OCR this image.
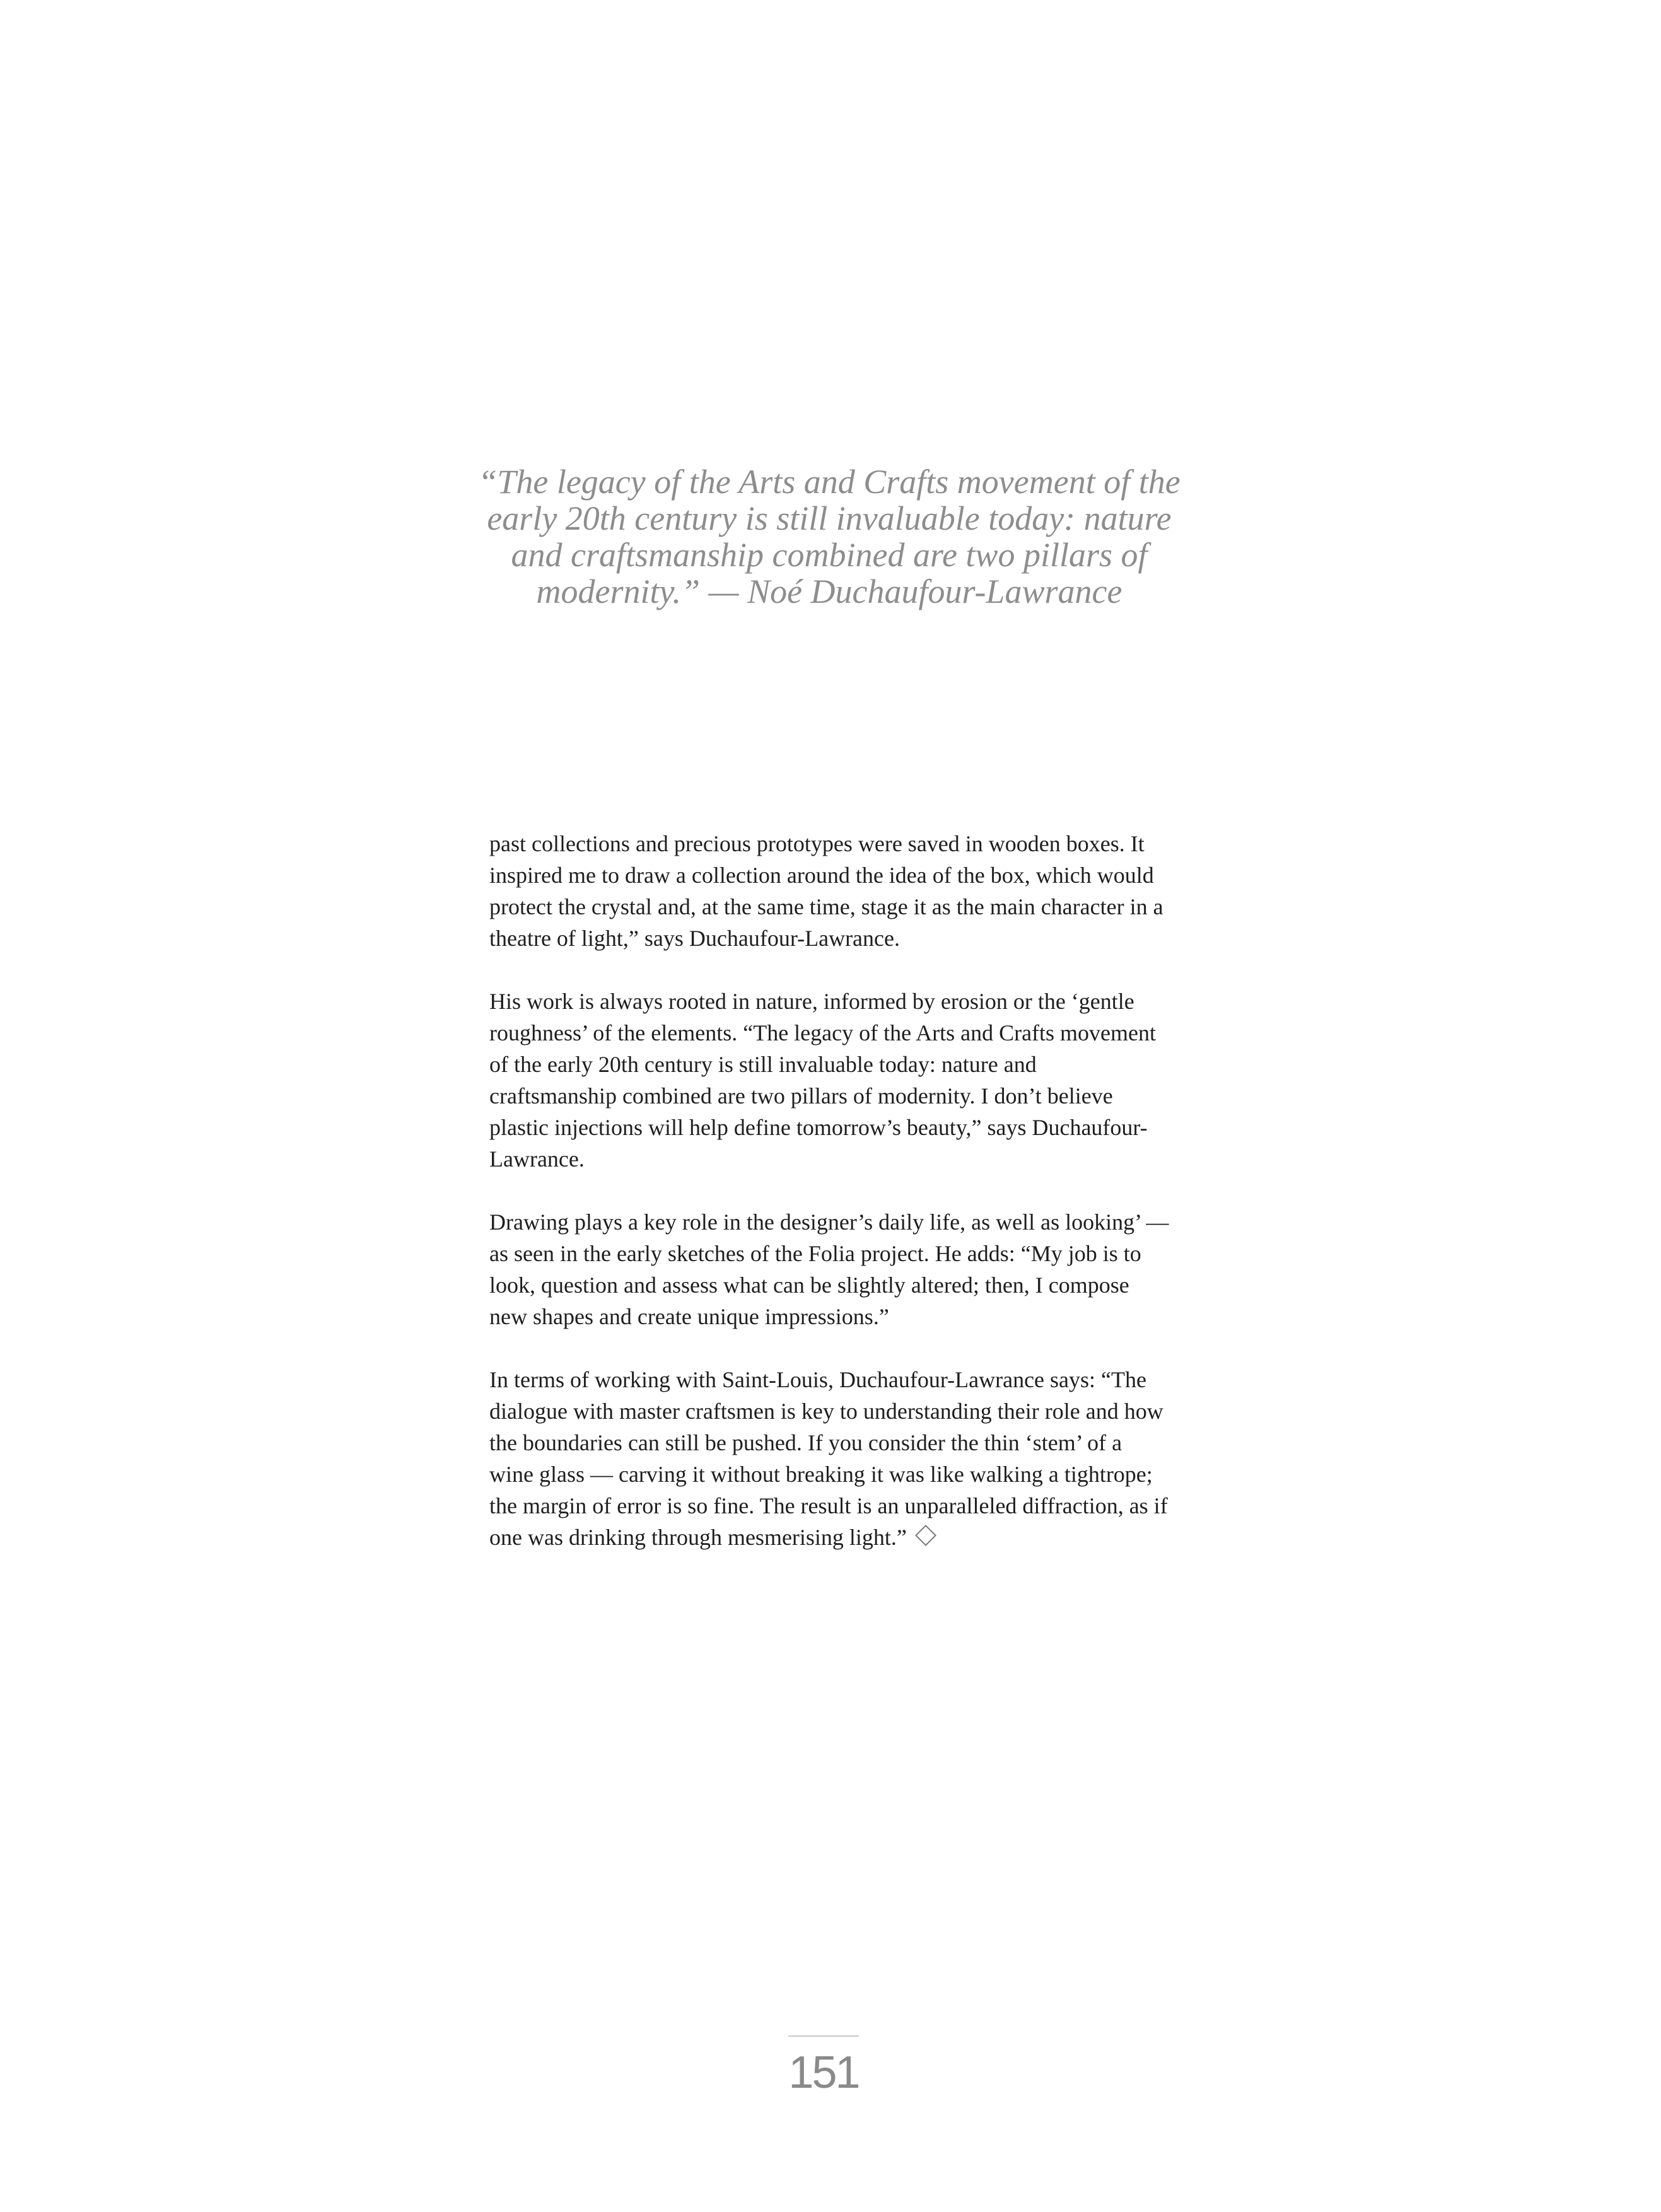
“The legacy of the Arts and Crafts movement of the
early 20th century is still invaluable today: nature
and craftsmanship combined are two pillars of
modernity.” — Noé Duchaufour-Lawrance

past collections and precious prototypes were saved in wooden boxes. It inspired me to draw a collection around the idea of the box, which would protect the crystal and, at the same time, stage it as the main character in a theatre of light,” says Duchaufour-Lawrance.

His work is always rooted in nature, informed by erosion or the ‘gentle roughness’ of the elements. “The legacy of the Arts and Crafts movement of the early 20th century is still invaluable today: nature and craftsmanship combined are two pillars of modernity. I don’t believe plastic injections will help define tomorrow’s beauty,” says Duchaufour-Lawrance.

Drawing plays a key role in the designer’s daily life, as well as looking’ — as seen in the early sketches of the Folia project. He adds: “My job is to look, question and assess what can be slightly altered; then, I compose new shapes and create unique impressions.”

In terms of working with Saint-Louis, Duchaufour-Lawrance says: “The dialogue with master craftsmen is key to understanding their role and how the boundaries can still be pushed. If you consider the thin ‘stem’ of a wine glass — carving it without breaking it was like walking a tightrope; the margin of error is so fine. The result is an unparalleled diffraction, as if one was drinking through mesmerising light.”

151
